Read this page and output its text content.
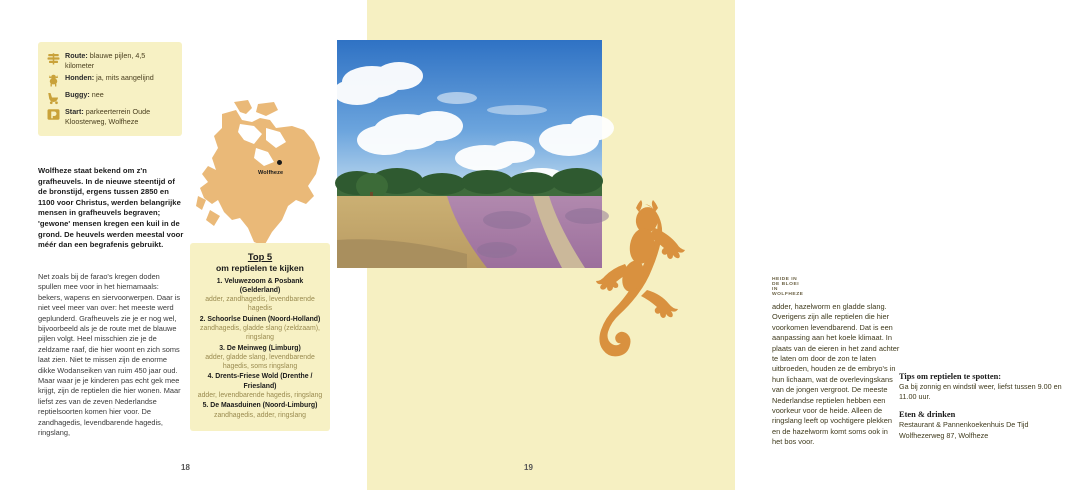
Route: blauwe pijlen, 4,5 kilometer
Honden: ja, mits aangelijnd
Buggy: nee
Start: parkeerterrein Oude Kloosterweg, Wolfheze
Wolfheze staat bekend om z'n grafheuvels. In de nieuwe steentijd of de bronstijd, ergens tussen 2850 en 1100 voor Christus, werden belangrijke mensen in grafheuvels begraven; 'gewone' mensen kregen een kuil in de grond. De heuvels werden meestal voor méér dan een begrafenis gebruikt.
Net zoals bij de farao's kregen doden spullen mee voor in het hiernamaals: bekers, wapens en siervoorwerpen. Daar is niet veel meer van over: het meeste werd geplunderd. Grafheuvels zie je er nog wel, bijvoorbeeld als je de route met de blauwe pijlen volgt. Heel misschien zie je de zeldzame raaf, die hier woont en zich soms laat zien. Niet te missen zijn de enorme dikke Wodanseiken van ruim 450 jaar oud. Maar waar je je kinderen pas echt gek mee krijgt, zijn de reptielen die hier wonen. Maar liefst zes van de zeven Nederlandse reptielsoorten komen hier voor. De zandhagedis, levendbarende hagedis, ringslang,
18
HEIDE IN DE BLOEI IN WOLFHEZE
adder, hazelworm en gladde slang. Overigens zijn alle reptielen die hier voorkomen levendbarend. Dat is een aanpassing aan het koele klimaat. In plaats van de eieren in het zand achter te laten om door de zon te laten uitbroeden, houden ze de embryo's in hun lichaam, wat de overlevingskans van de jongen vergroot. De meeste Nederlandse reptielen hebben een voorkeur voor de heide. Alleen de ringslang leeft op vochtigere plekken en de hazelworm komt soms ook in het bos voor.
Tips om reptielen te spotten:
Ga bij zonnig en windstil weer, liefst tussen 9.00 en 11.00 uur.
Eten & drinken
Restaurant & Pannenkoekenhuis De Tijd
Wolfhezerweg 87, Wolfheze
19
Wolfheze
Top 5
om reptielen te kijken
1. Veluwezoom & Posbank (Gelderland)
adder, zandhagedis, levendbarende hagedis
2. Schoorlse Duinen (Noord-Holland)
zandhagedis, gladde slang (zeldzaam), ringslang
3. De Meinweg (Limburg)
adder, gladde slang, levendbarende hagedis, soms ringslang
4. Drents-Friese Wold (Drenthe / Friesland)
adder, levendbarende hagedis, ringslang
5. De Maasduinen (Noord-Limburg)
zandhagedis, adder, ringslang
